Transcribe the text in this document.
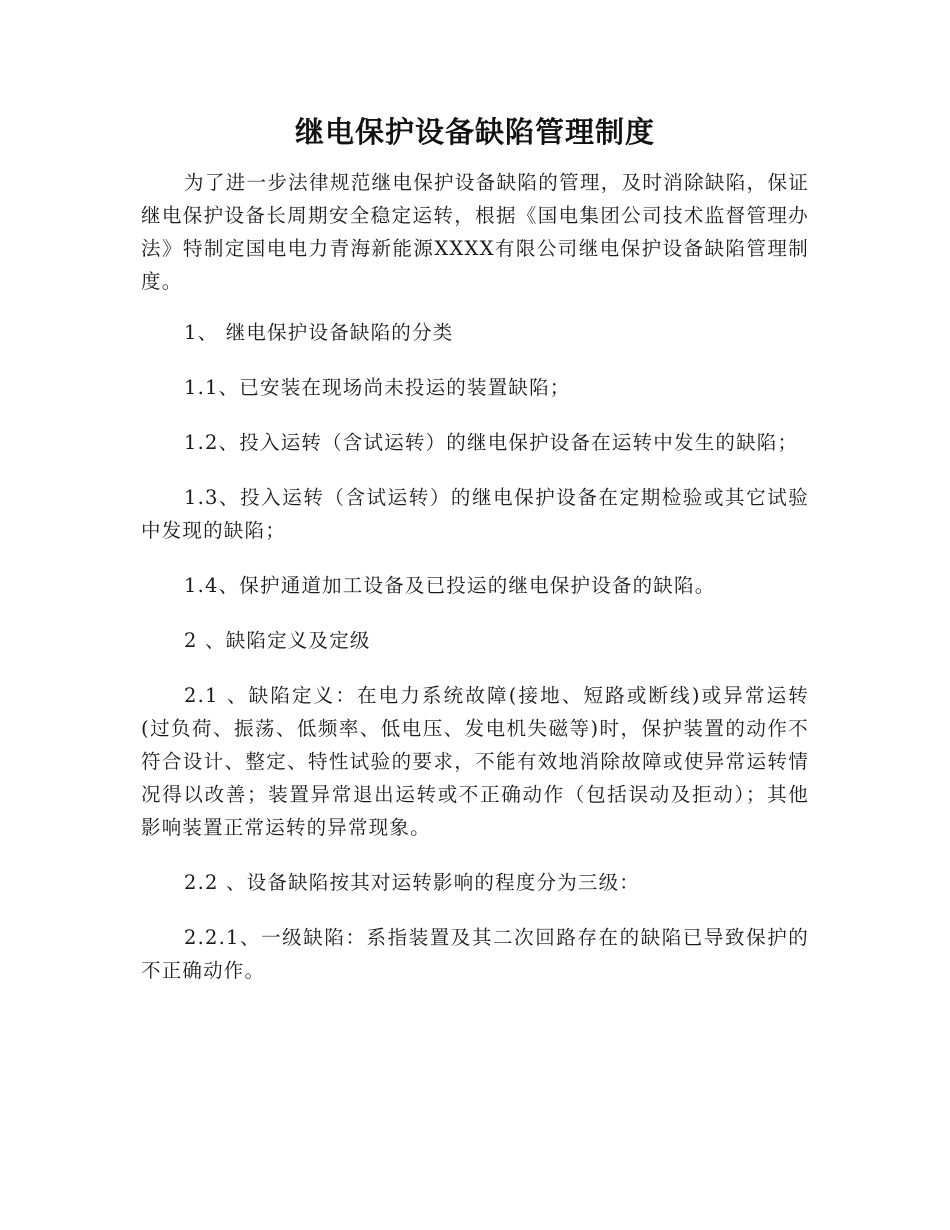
继电保护设备缺陷管理制度

为了进一步法律规范继电保护设备缺陷的管理，及时消除缺陷，保证继电保护设备长周期安全稳定运转，根据《国电集团公司技术监督管理办法》特制定国电电力青海新能源XXXX有限公司继电保护设备缺陷管理制度。

1、 继电保护设备缺陷的分类

1.1、已安装在现场尚未投运的装置缺陷；

1.2、投入运转（含试运转）的继电保护设备在运转中发生的缺陷；

1.3、投入运转（含试运转）的继电保护设备在定期检验或其它试验中发现的缺陷；

1.4、保护通道加工设备及已投运的继电保护设备的缺陷。

2 、缺陷定义及定级

2.1 、缺陷定义：在电力系统故障(接地、短路或断线)或异常运转(过负荷、振荡、低频率、低电压、发电机失磁等)时，保护装置的动作不符合设计、整定、特性试验的要求，不能有效地消除故障或使异常运转情况得以改善；装置异常退出运转或不正确动作（包括误动及拒动）；其他影响装置正常运转的异常现象。

2.2 、设备缺陷按其对运转影响的程度分为三级：

2.2.1、一级缺陷：系指装置及其二次回路存在的缺陷已导致保护的不正确动作。
